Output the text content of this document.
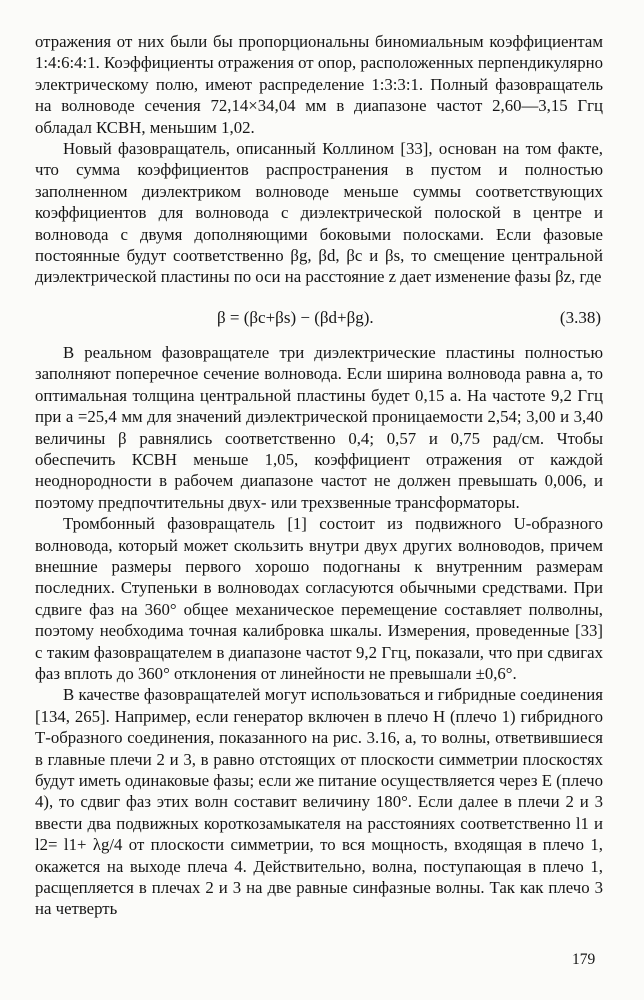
отражения от них были бы пропорциональны биномиальным коэффициентам 1:4:6:4:1. Коэффициенты отражения от опор, расположенных перпендикулярно электрическому полю, имеют распределение 1:3:3:1. Полный фазовращатель на волноводе сечения 72,14×34,04 мм в диапазоне частот 2,60—3,15 Ггц обладал КСВН, меньшим 1,02.

Новый фазовращатель, описанный Коллином [33], основан на том факте, что сумма коэффициентов распространения в пустом и полностью заполненном диэлектриком волноводе меньше суммы соответствующих коэффициентов для волновода с диэлектрической полоской в центре и волновода с двумя дополняющими боковыми полосками. Если фазовые постоянные будут соответственно βg, βd, βc и βs, то смещение центральной диэлектрической пластины по оси на расстояние z дает изменение фазы βz, где

β = (βc+βs) − (βd+βg).	(3.38)

В реальном фазовращателе три диэлектрические пластины полностью заполняют поперечное сечение волновода. Если ширина волновода равна a, то оптимальная толщина центральной пластины будет 0,15 a. На частоте 9,2 Ггц при a =25,4 мм для значений диэлектрической проницаемости 2,54; 3,00 и 3,40 величины β равнялись соответственно 0,4; 0,57 и 0,75 рад/см. Чтобы обеспечить КСВН меньше 1,05, коэффициент отражения от каждой неоднородности в рабочем диапазоне частот не должен превышать 0,006, и поэтому предпочтительны двух- или трехзвенные трансформаторы.

Тромбонный фазовращатель [1] состоит из подвижного U-образного волновода, который может скользить внутри двух других волноводов, причем внешние размеры первого хорошо подогнаны к внутренним размерам последних. Ступеньки в волноводах согласуются обычными средствами. При сдвиге фаз на 360° общее механическое перемещение составляет полволны, поэтому необходима точная калибровка шкалы. Измерения, проведенные [33] с таким фазовращателем в диапазоне частот 9,2 Ггц, показали, что при сдвигах фаз вплоть до 360° отклонения от линейности не превышали ±0,6°.

В качестве фазовращателей могут использоваться и гибридные соединения [134, 265]. Например, если генератор включен в плечо H (плечо 1) гибридного Т-образного соединения, показанного на рис. 3.16, a, то волны, ответвившиеся в главные плечи 2 и 3, в равно отстоящих от плоскости симметрии плоскостях будут иметь одинаковые фазы; если же питание осуществляется через E (плечо 4), то сдвиг фаз этих волн составит величину 180°. Если далее в плечи 2 и 3 ввести два подвижных короткозамыкателя на расстояниях соответственно l1 и l2= l1+ λg/4 от плоскости симметрии, то вся мощность, входящая в плечо 1, окажется на выходе плеча 4. Действительно, волна, поступающая в плечо 1, расщепляется в плечах 2 и 3 на две равные синфазные волны. Так как плечо 3 на четверть

179
